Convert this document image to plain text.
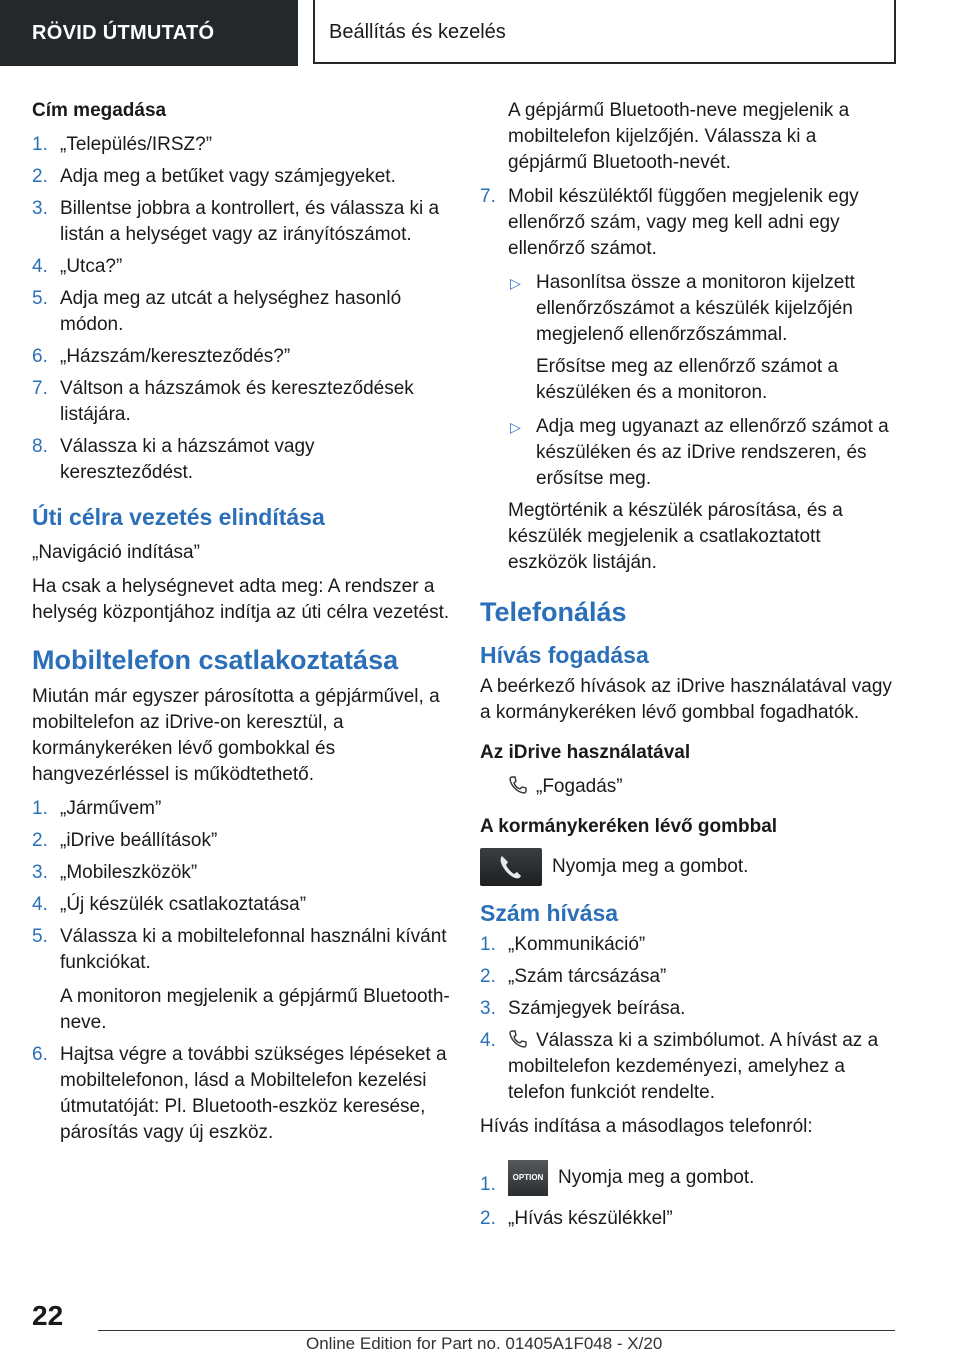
RÖVID ÚTMUTATÓ	Beállítás és kezelés
Cím megadása
1. „Település/IRSZ?”
2. Adja meg a betűket vagy számjegyeket.
3. Billentse jobbra a kontrollert, és válassza ki a listán a helységet vagy az irányítószámot.
4. „Utca?”
5. Adja meg az utcát a helységhez hasonló módon.
6. „Házszám/kereszteződés?”
7. Váltson a házszámok és kereszteződések listájára.
8. Válassza ki a házszámot vagy kereszteződést.
Úti célra vezetés elindítása

„Navigáció indítása”

Ha csak a helységnevet adta meg: A rendszer a helység központjához indítja az úti célra vezetést.

Mobiltelefon csatlakoztatása

Miután már egyszer párosította a gépjárművel, a mobiltelefon az iDrive-on keresztül, a kormánykeréken lévő gombokkal és hangvezérléssel is működtethető.

1. „Járművem”
2. „iDrive beállítások”
3. „Mobileszközök”
4. „Új készülék csatlakoztatása”
5. Válassza ki a mobiltelefonnal használni kívánt funkciókat.
A monitoron megjelenik a gépjármű Bluetooth-neve.
6. Hajtsa végre a további szükséges lépéseket a mobiltelefonon, lásd a Mobiltelefon kezelési útmutatóját: Pl. Bluetooth-eszköz keresése, párosítás vagy új eszköz.

A gépjármű Bluetooth-neve megjelenik a mobiltelefon kijelzőjén. Válassza ki a gépjármű Bluetooth-nevét.

7. Mobil készüléktől függően megjelenik egy ellenőrző szám, vagy meg kell adni egy ellenőrző számot.
▷ Hasonlítsa össze a monitoron kijelzett ellenőrzőszámot a készülék kijelzőjén megjelenő ellenőrzőszámmal.

Erősítse meg az ellenőrző számot a készüléken és a monitoron.

▷ Adja meg ugyanazt az ellenőrző számot a készüléken és az iDrive rendszeren, és erősítse meg.

Megtörténik a készülék párosítása, és a készülék megjelenik a csatlakoztatott eszközök listáján.

Telefonálás
Hívás fogadása

A beérkező hívások az iDrive használatával vagy a kormánykeréken lévő gombbal fogadhatók.

Az iDrive használatával

„Fogadás”

A kormánykeréken lévő gombbal

Nyomja meg a gombot.

Szám hívása
1. „Kommunikáció”
2. „Szám tárcsázása”
3. Számjegyek beírása.
4. Válassza ki a szimbólumot. A hívást az a mobiltelefon kezdeményezi, amelyhez a telefon funkciót rendelte.

Hívás indítása a másodlagos telefonról:

1. OPTION Nyomja meg a gombot.
2. „Hívás készülékkel”
22
Online Edition for Part no. 01405A1F048 - X/20
